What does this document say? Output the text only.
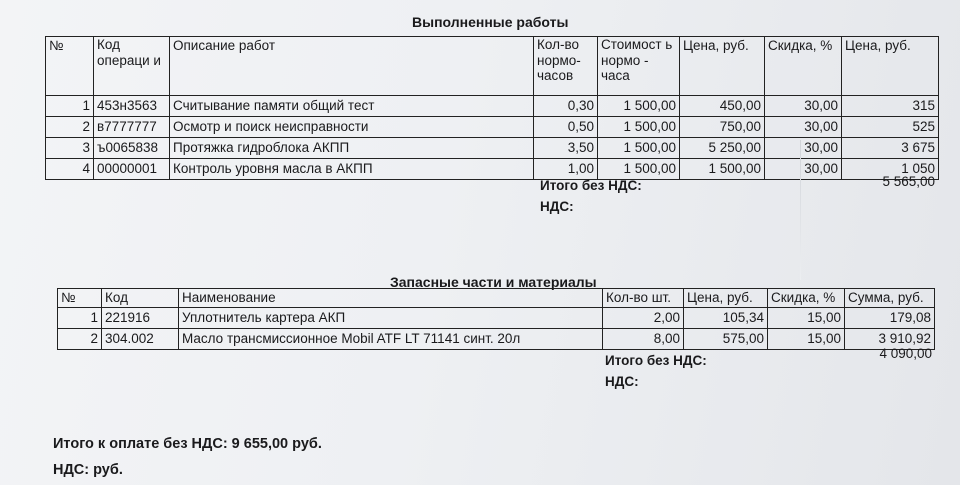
Выполненные работы
№	Код операци и	Описание работ	Кол-во нормо-часов	Стоимост ь нормо - часа	Цена, руб.	Скидка, %	Цена, руб.
1	453н3563	Считывание памяти общий тест	0,30	1 500,00	450,00	30,00	315
2	в7777777	Осмотр и поиск неисправности	0,50	1 500,00	750,00	30,00	525
3	ъ0065838	Протяжка гидроблока АКПП	3,50	1 500,00	5 250,00	30,00	3 675
4	00000001	Контроль уровня масла в АКПП	1,00	1 500,00	1 500,00	30,00	1 050
Итого без НДС:	5 565,00
НДС:
Запасные части и материалы
№	Код	Наименование	Кол-во шт.	Цена, руб.	Скидка, %	Сумма, руб.
1	221916	Уплотнитель картера АКП	2,00	105,34	15,00	179,08
2	304.002	Масло трансмиссионное Mobil ATF LT 71141 синт. 20л	8,00	575,00	15,00	3 910,92
Итого без НДС:	4 090,00
НДС:
Итого к оплате без НДС: 9 655,00 руб.
НДС: руб.
